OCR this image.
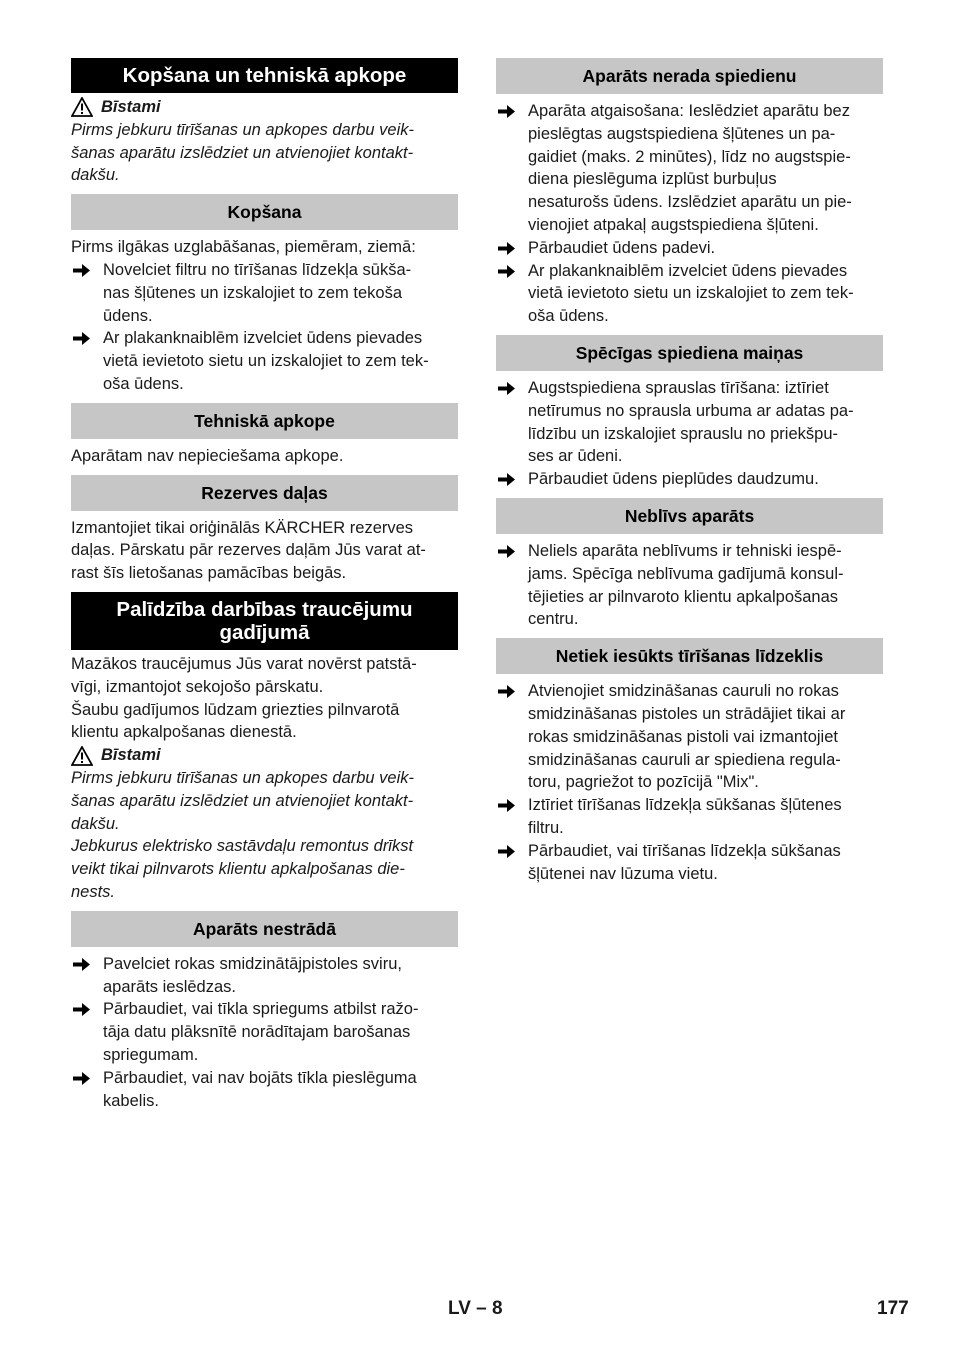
Kopšana un tehniskā apkope
Bīstami

Pirms jebkuru tīrīšanas un apkopes darbu veik-

šanas aparātu izslēdziet un atvienojiet kontakt-

dakšu.

Kopšana

Pirms ilgākas uzglabāšanas, piemēram, ziemā:

Novelciet filtru no tīrīšanas līdzekļa sūkša-

nas šļūtenes un izskalojiet to zem tekoša

ūdens.

Ar plakanknaiblēm izvelciet ūdens pievades

vietā ievietoto sietu un izskalojiet to zem tek-

oša ūdens.

Tehniskā apkope

Aparātam nav nepieciešama apkope.

Rezerves daļas

Izmantojiet tikai oriģinālās KÄRCHER rezerves

daļas. Pārskatu pār rezerves daļām Jūs varat at-

rast šīs lietošanas pamācības beigās.

Palīdzība darbības traucējumu
gadījumā

Mazākos traucējumus Jūs varat novērst patstā-

vīgi, izmantojot sekojošo pārskatu.

Šaubu gadījumos lūdzam griezties pilnvarotā

klientu apkalpošanas dienestā.

Bīstami

Pirms jebkuru tīrīšanas un apkopes darbu veik-

šanas aparātu izslēdziet un atvienojiet kontakt-

dakšu.

Jebkurus elektrisko sastāvdaļu remontus drīkst

veikt tikai pilnvarots klientu apkalpošanas die-

nests.

Aparāts nestrādā

Pavelciet rokas smidzinātājpistoles sviru,

aparāts ieslēdzas.

Pārbaudiet, vai tīkla spriegums atbilst ražo-

tāja datu plāksnītē norādītajam barošanas

spriegumam.

Pārbaudiet, vai nav bojāts tīkla pieslēguma

kabelis.

Aparāts nerada spiedienu

Aparāta atgaisošana: Ieslēdziet aparātu bez

pieslēgtas augstspiediena šļūtenes un pa-

gaidiet (maks. 2 minūtes), līdz no augstspie-

diena pieslēguma izplūst burbuļus

nesaturošs ūdens. Izslēdziet aparātu un pie-

vienojiet atpakaļ augstspiediena šļūteni.

Pārbaudiet ūdens padevi.

Ar plakanknaiblēm izvelciet ūdens pievades

vietā ievietoto sietu un izskalojiet to zem tek-

oša ūdens.

Spēcīgas spiediena maiņas

Augstspiediena sprauslas tīrīšana: iztīriet

netīrumus no sprausla urbuma ar adatas pa-

līdzību un izskalojiet sprauslu no priekšpu-

ses ar ūdeni.

Pārbaudiet ūdens pieplūdes daudzumu.

Neblīvs aparāts

Neliels aparāta neblīvums ir tehniski iespē-

jams. Spēcīga neblīvuma gadījumā konsul-

tējieties ar pilnvaroto klientu apkalpošanas

centru.

Netiek iesūkts tīrīšanas līdzeklis

Atvienojiet smidzināšanas cauruli no rokas

smidzināšanas pistoles un strādājiet tikai ar

rokas smidzināšanas pistoli vai izmantojiet

smidzināšanas cauruli ar spiediena regula-

toru, pagriežot to pozīcijā "Mix".

Iztīriet tīrīšanas līdzekļa sūkšanas šļūtenes

filtru.

Pārbaudiet, vai tīrīšanas līdzekļa sūkšanas

šļūtenei nav lūzuma vietu.

LV – 8	177
